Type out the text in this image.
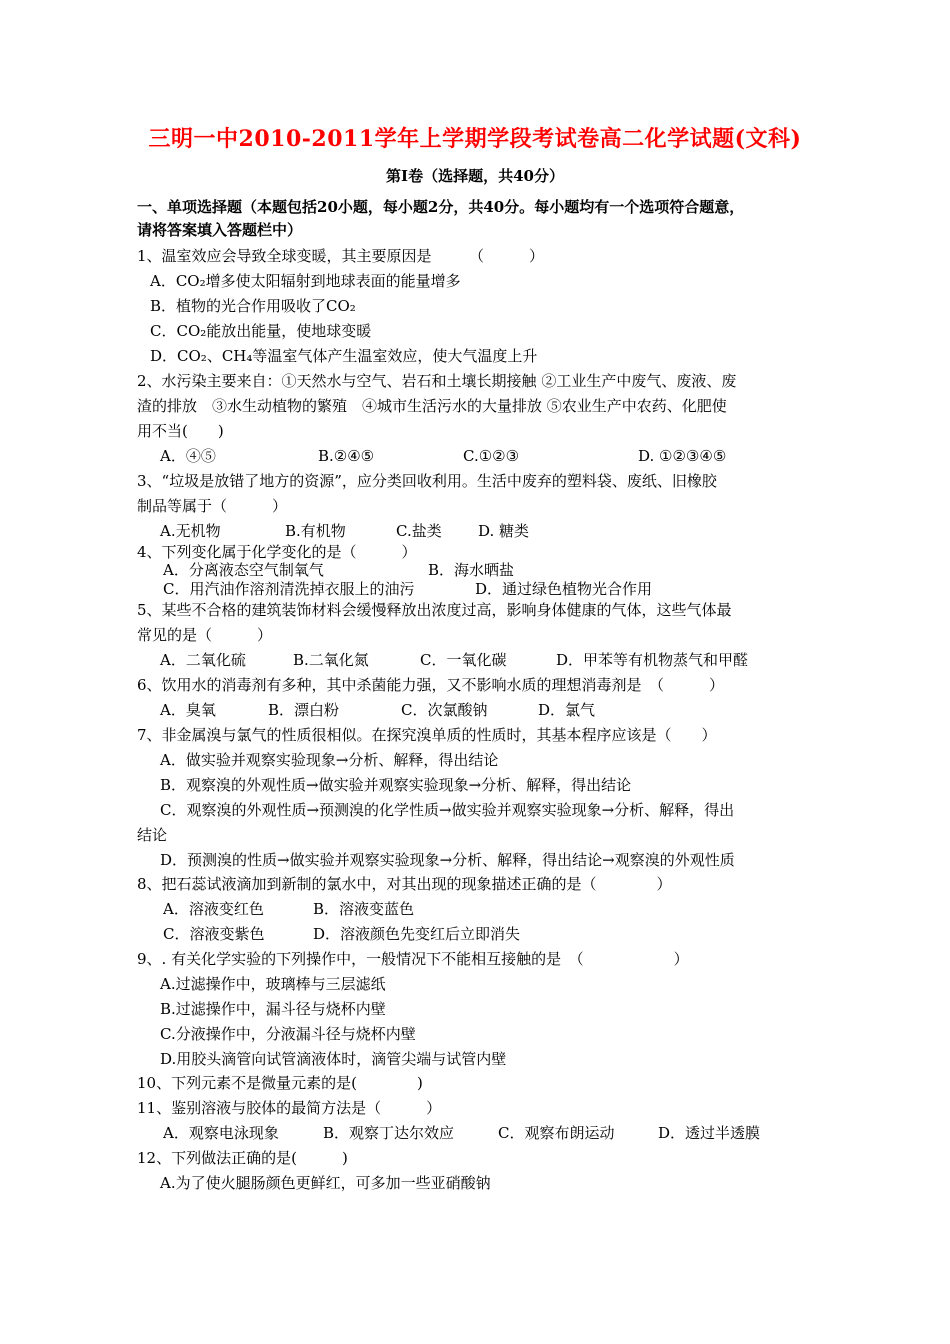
三明一中2010-2011学年上学期学段考试卷高二化学试题(文科)
第Ⅰ卷（选择题，共40分）
一、单项选择题（本题包括20小题，每小题2分，共40分。每小题均有一个选项符合题意，
请将答案填入答题栏中）
1、温室效应会导致全球变暖，其主要原因是　　　（　　　）
A．CO₂增多使太阳辐射到地球表面的能量增多
B．植物的光合作用吸收了CO₂
C．CO₂能放出能量，使地球变暖
D．CO₂、CH₄等温室气体产生温室效应，使大气温度上升
2、水污染主要来自：①天然水与空气、岩石和土壤长期接触 ②工业生产中废气、废液、废
渣的排放　③水生动植物的繁殖　④城市生活污水的大量排放 ⑤农业生产中农药、化肥使
用不当(　　)
A．④⑤	B.②④⑤	C.①②③	D. ①②③④⑤
3、“垃圾是放错了地方的资源”，应分类回收利用。生活中废弃的塑料袋、废纸、旧橡胶
制品等属于（　　　）
A.无机物	B.有机物	C.盐类 D. 糖类
4、下列变化属于化学变化的是（　　　）
A．分离液态空气制氧气	B．海水晒盐
C．用汽油作溶剂清洗掉衣服上的油污	D．通过绿色植物光合作用
5、某些不合格的建筑装饰材料会缓慢释放出浓度过高，影响身体健康的气体，这些气体最
常见的是（　　　）
A．二氧化硫	B.二氧化氮	C．一氧化碳	D．甲苯等有机物蒸气和甲醛
6、饮用水的消毒剂有多种，其中杀菌能力强，又不影响水质的理想消毒剂是　（　　　）
A．臭氧	B．漂白粉	C．次氯酸钠	D．氯气
7、非金属溴与氯气的性质很相似。在探究溴单质的性质时，其基本程序应该是（　　）
A．做实验并观察实验现象→分析、解释，得出结论
B．观察溴的外观性质→做实验并观察实验现象→分析、解释，得出结论
C．观察溴的外观性质→预测溴的化学性质→做实验并观察实验现象→分析、解释，得出
结论
D．预测溴的性质→做实验并观察实验现象→分析、解释，得出结论→观察溴的外观性质
8、把石蕊试液滴加到新制的氯水中，对其出现的现象描述正确的是（　　　　）
A．溶液变红色	B．溶液变蓝色
C．溶液变紫色	D．溶液颜色先变红后立即消失
9、. 有关化学实验的下列操作中，一般情况下不能相互接触的是　（　　　　　　）
A.过滤操作中，玻璃棒与三层滤纸
B.过滤操作中，漏斗径与烧杯内壁
C.分液操作中，分液漏斗径与烧杯内壁
D.用胶头滴管向试管滴液体时，滴管尖端与试管内壁
10、下列元素不是微量元素的是(　　　　)
11、鉴别溶液与胶体的最简方法是（　　　）
A．观察电泳现象	B．观察丁达尔效应	C．观察布朗运动	D．透过半透膜
12、下列做法正确的是(　　　)
A.为了使火腿肠颜色更鲜红，可多加一些亚硝酸钠
